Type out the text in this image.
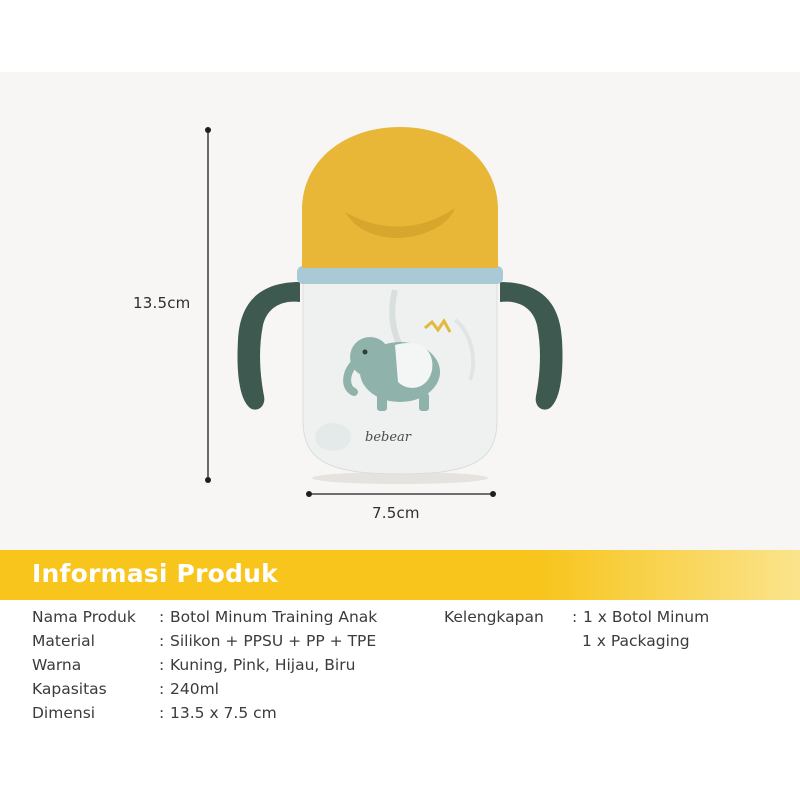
bebear
13.5cm
7.5cm
Informasi Produk
Nama Produk	: Botol Minum Training Anak
Material	: Silikon + PPSU + PP + TPE
Warna	: Kuning, Pink, Hijau, Biru
Kapasitas	: 240ml
Dimensi	: 13.5 x 7.5 cm
Kelengkapan	: 1 x Botol Minum
1 x Packaging
